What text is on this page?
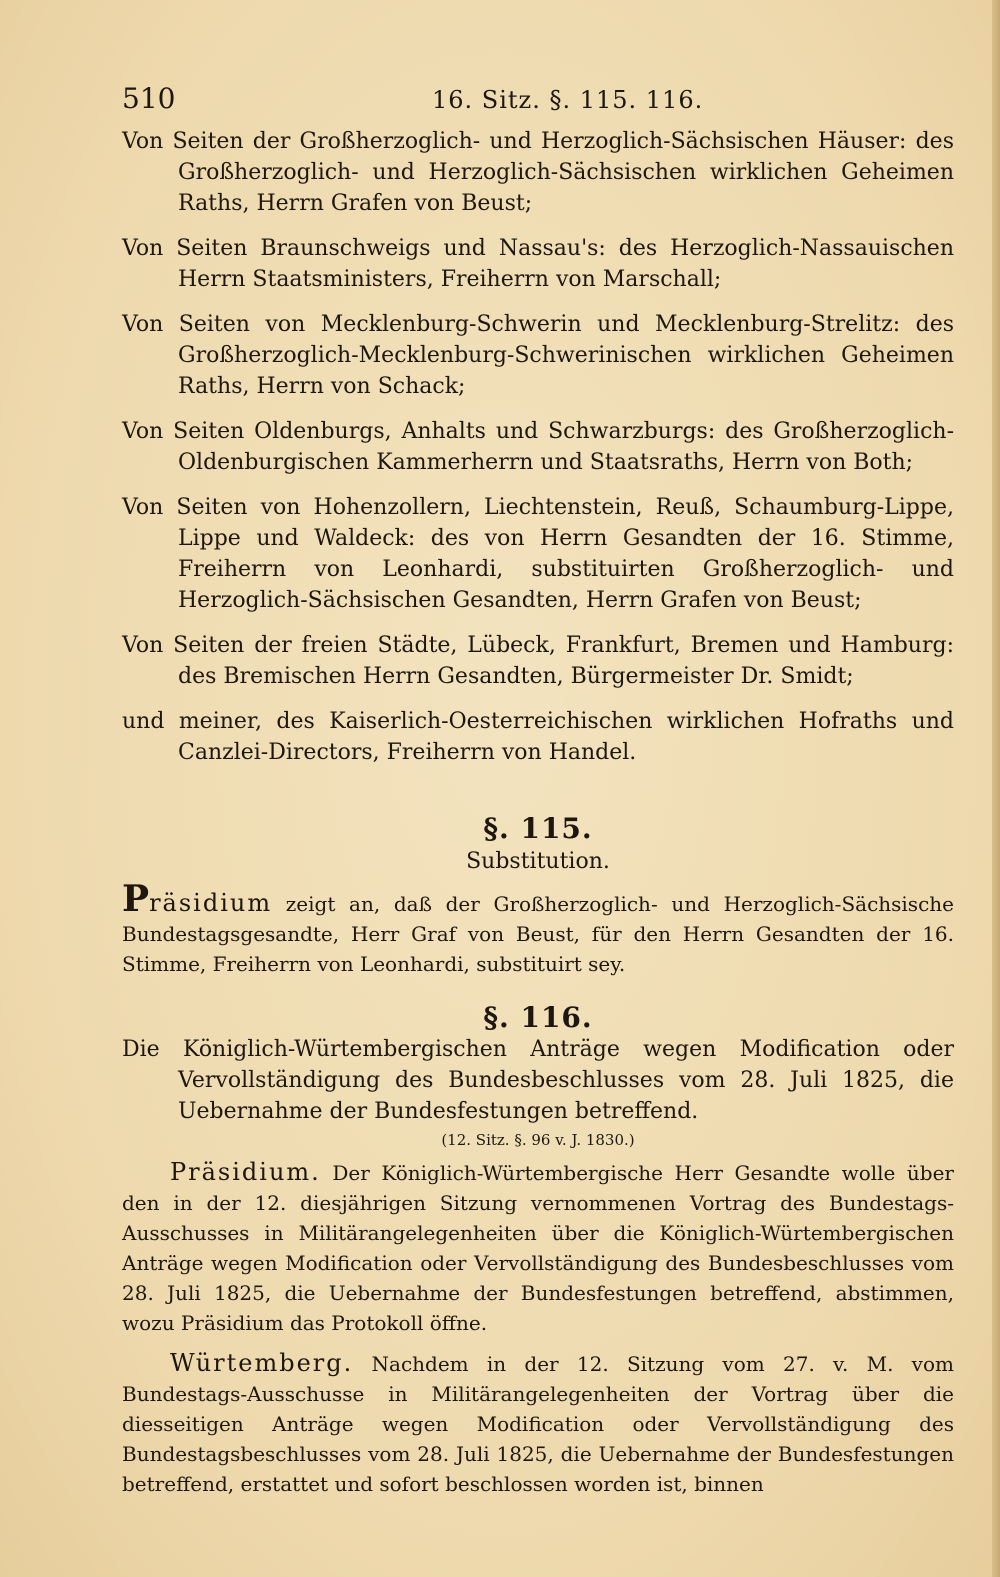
510	16. Sitz. §. 115. 116.

Von Seiten der Großherzoglich- und Herzoglich-Sächsischen Häuser: des Großherzoglich- und Herzoglich-Sächsischen wirklichen Geheimen Raths, Herrn Grafen von Beust;

Von Seiten Braunschweigs und Nassau's: des Herzoglich-Nassauischen Herrn Staatsministers, Freiherrn von Marschall;

Von Seiten von Mecklenburg-Schwerin und Mecklenburg-Strelitz: des Großherzoglich-Mecklenburg-Schwerinischen wirklichen Geheimen Raths, Herrn von Schack;

Von Seiten Oldenburgs, Anhalts und Schwarzburgs: des Großherzoglich-Oldenburgischen Kammerherrn und Staatsraths, Herrn von Both;

Von Seiten von Hohenzollern, Liechtenstein, Reuß, Schaumburg-Lippe, Lippe und Waldeck: des von Herrn Gesandten der 16. Stimme, Freiherrn von Leonhardi, substituirten Großherzoglich- und Herzoglich-Sächsischen Gesandten, Herrn Grafen von Beust;

Von Seiten der freien Städte, Lübeck, Frankfurt, Bremen und Hamburg: des Bremischen Herrn Gesandten, Bürgermeister Dr. Smidt;

und meiner, des Kaiserlich-Oesterreichischen wirklichen Hofraths und Canzlei-Directors, Freiherrn von Handel.

§. 115.

Substitution.

Präsidium zeigt an, daß der Großherzoglich- und Herzoglich-Sächsische Bundestagsgesandte, Herr Graf von Beust, für den Herrn Gesandten der 16. Stimme, Freiherrn von Leonhardi, substituirt sey.

§. 116.

Die Königlich-Würtembergischen Anträge wegen Modification oder Vervollständigung des Bundesbeschlusses vom 28. Juli 1825, die Uebernahme der Bundesfestungen betreffend.

(12. Sitz. §. 96 v. J. 1830.)

Präsidium. Der Königlich-Würtembergische Herr Gesandte wolle über den in der 12. diesjährigen Sitzung vernommenen Vortrag des Bundestags-Ausschusses in Militärangelegenheiten über die Königlich-Würtembergischen Anträge wegen Modification oder Vervollständigung des Bundesbeschlusses vom 28. Juli 1825, die Uebernahme der Bundesfestungen betreffend, abstimmen, wozu Präsidium das Protokoll öffne.

Würtemberg. Nachdem in der 12. Sitzung vom 27. v. M. vom Bundestags-Ausschusse in Militärangelegenheiten der Vortrag über die diesseitigen Anträge wegen Modification oder Vervollständigung des Bundestagsbeschlusses vom 28. Juli 1825, die Uebernahme der Bundesfestungen betreffend, erstattet und sofort beschlossen worden ist, binnen
